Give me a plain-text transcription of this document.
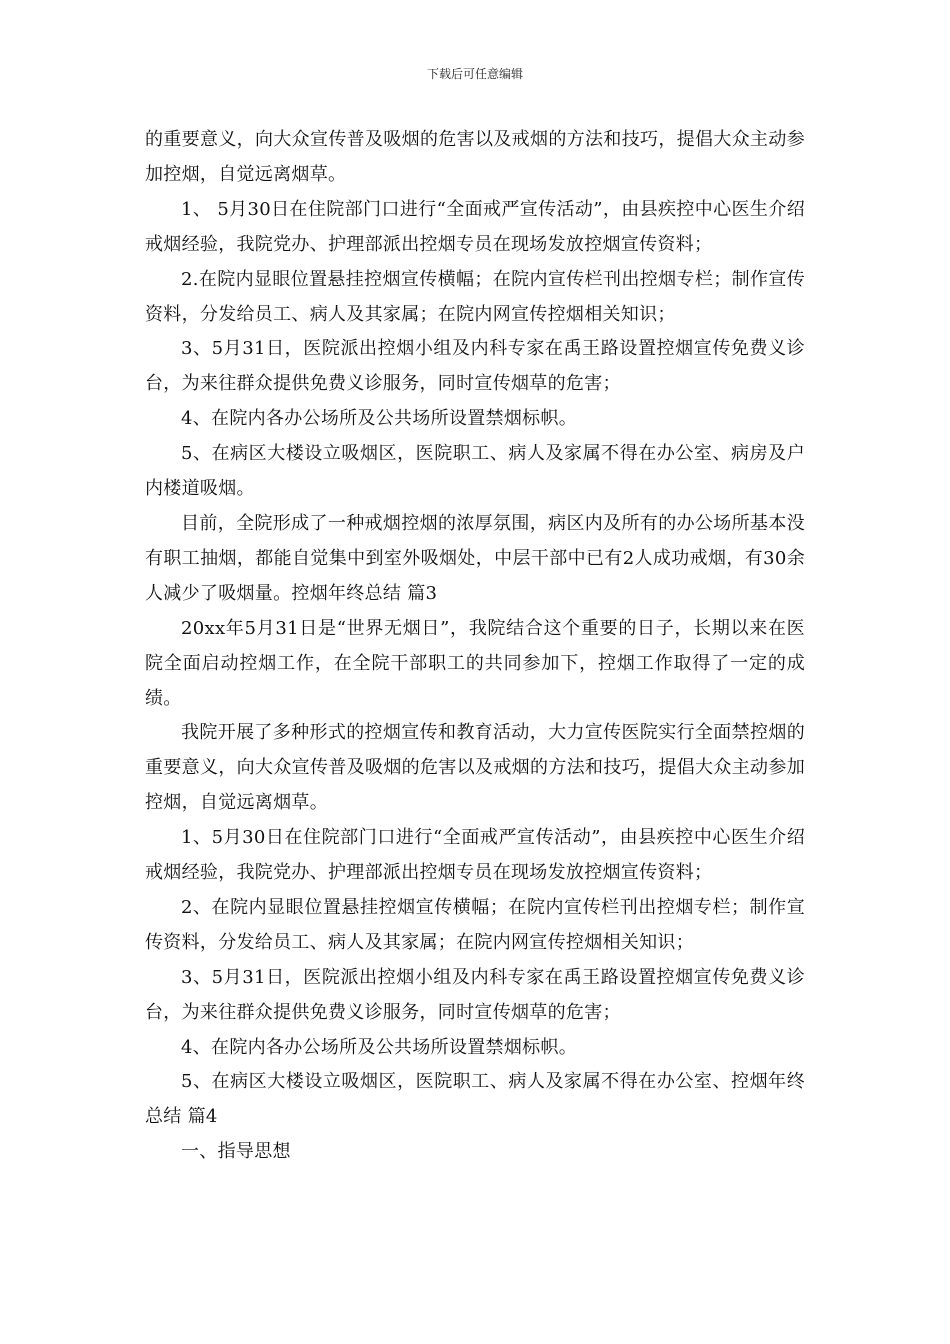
下载后可任意编辑

的重要意义，向大众宣传普及吸烟的危害以及戒烟的方法和技巧，提倡大众主动参加控烟，自觉远离烟草。

1、 5月30日在住院部门口进行“全面戒严宣传活动”，由县疾控中心医生介绍戒烟经验，我院党办、护理部派出控烟专员在现场发放控烟宣传资料；

2.在院内显眼位置悬挂控烟宣传横幅；在院内宣传栏刊出控烟专栏；制作宣传资料，分发给员工、病人及其家属；在院内网宣传控烟相关知识；

3、5月31日，医院派出控烟小组及内科专家在禹王路设置控烟宣传免费义诊台，为来往群众提供免费义诊服务，同时宣传烟草的危害；

4、在院内各办公场所及公共场所设置禁烟标帜。

5、在病区大楼设立吸烟区，医院职工、病人及家属不得在办公室、病房及户内楼道吸烟。

目前，全院形成了一种戒烟控烟的浓厚氛围，病区内及所有的办公场所基本没有职工抽烟，都能自觉集中到室外吸烟处，中层干部中已有2人成功戒烟，有30余人减少了吸烟量。控烟年终总结 篇3

20xx年5月31日是“世界无烟日”，我院结合这个重要的日子，长期以来在医院全面启动控烟工作，在全院干部职工的共同参加下，控烟工作取得了一定的成绩。

我院开展了多种形式的控烟宣传和教育活动，大力宣传医院实行全面禁控烟的重要意义，向大众宣传普及吸烟的危害以及戒烟的方法和技巧，提倡大众主动参加控烟，自觉远离烟草。

1、5月30日在住院部门口进行“全面戒严宣传活动”，由县疾控中心医生介绍戒烟经验，我院党办、护理部派出控烟专员在现场发放控烟宣传资料；

2、在院内显眼位置悬挂控烟宣传横幅；在院内宣传栏刊出控烟专栏；制作宣传资料，分发给员工、病人及其家属；在院内网宣传控烟相关知识；

3、5月31日，医院派出控烟小组及内科专家在禹王路设置控烟宣传免费义诊台，为来往群众提供免费义诊服务，同时宣传烟草的危害；

4、在院内各办公场所及公共场所设置禁烟标帜。

5、在病区大楼设立吸烟区，医院职工、病人及家属不得在办公室、控烟年终总结 篇4

一、指导思想
